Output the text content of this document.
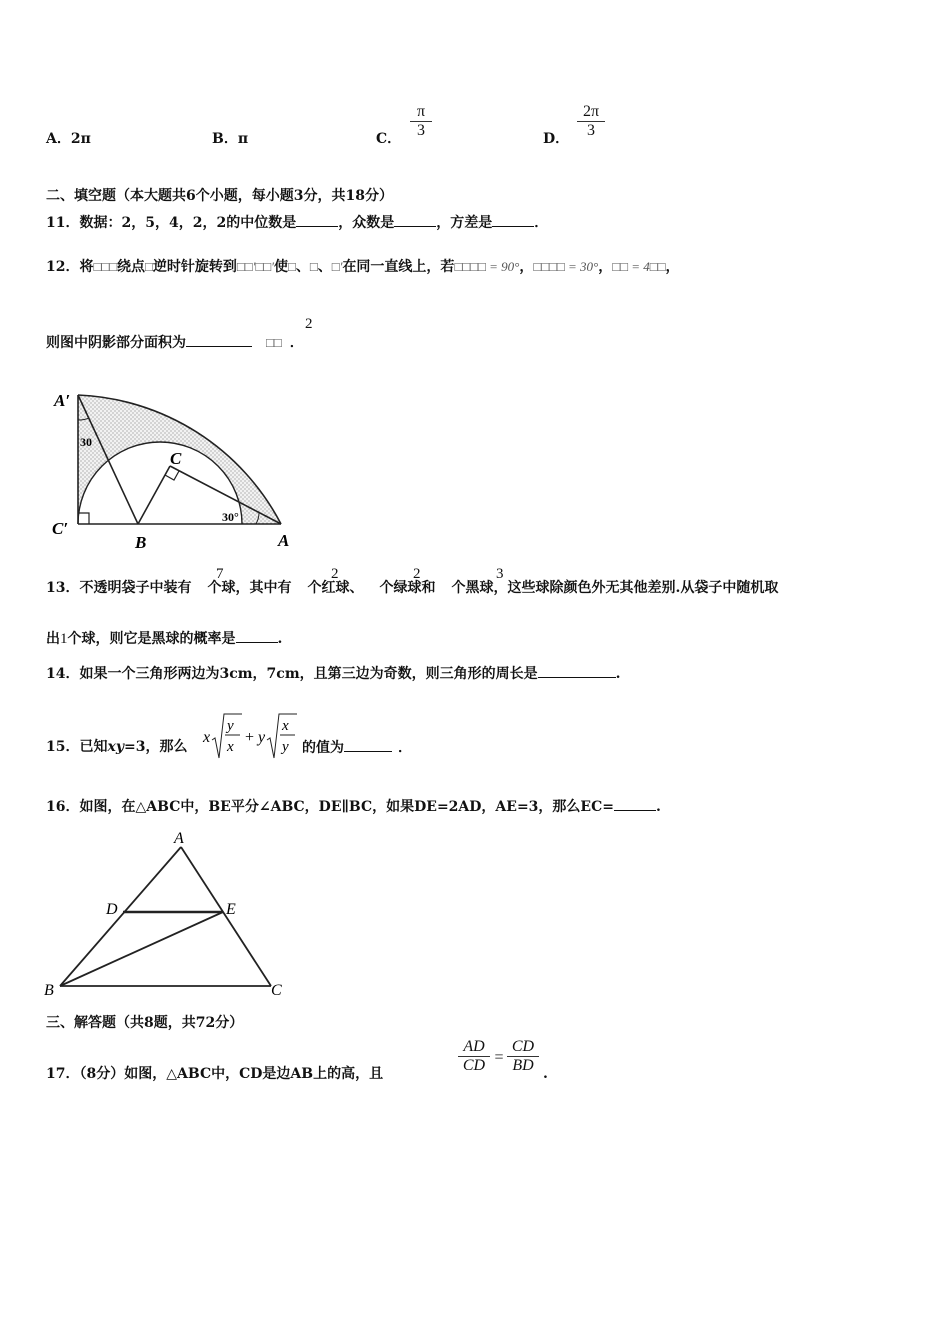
A．2π	B．π	C． $\frac{\pi}{3}$	D． $\frac{2\pi}{3}$
二、填空题（本大题共6个小题，每小题3分，共18分）
11．数据：2，5，4，2，2的中位数是	，众数是	，方差是	．
12．将□□□绕点□逆时针旋转到□□′□□′使□、□、□′在同一直线上，若□□□□ = 90°，□□□□ = 30°，□□ = 4□□，
则图中阴影部分面积为	□□ ．
2
A′
C
C′
B	A
30
30°
13．不透明袋子中装有 个球，其中有 个红球、 个绿球和 个黑球，这些球除颜色外无其他差别.从袋子中随机取
7	2	2	3
出1个球，则它是黑球的概率是	.
14．如果一个三角形两边为3cm，7cm，且第三边为奇数，则三角形的周长是	.
15．已知xy=3，那么
x
y
x
+ y
x
y 的值为	．
16．如图，在△ABC中，BE平分∠ABC，DE∥BC，如果DE=2AD，AE=3，那么EC=	.
A
D	E
B	C
三、解答题（共8题，共72分）
17．（8分）如图，△ABC中，CD是边AB上的高，且	$\frac{AD}{CD} = \frac{CD}{BD}$ .
